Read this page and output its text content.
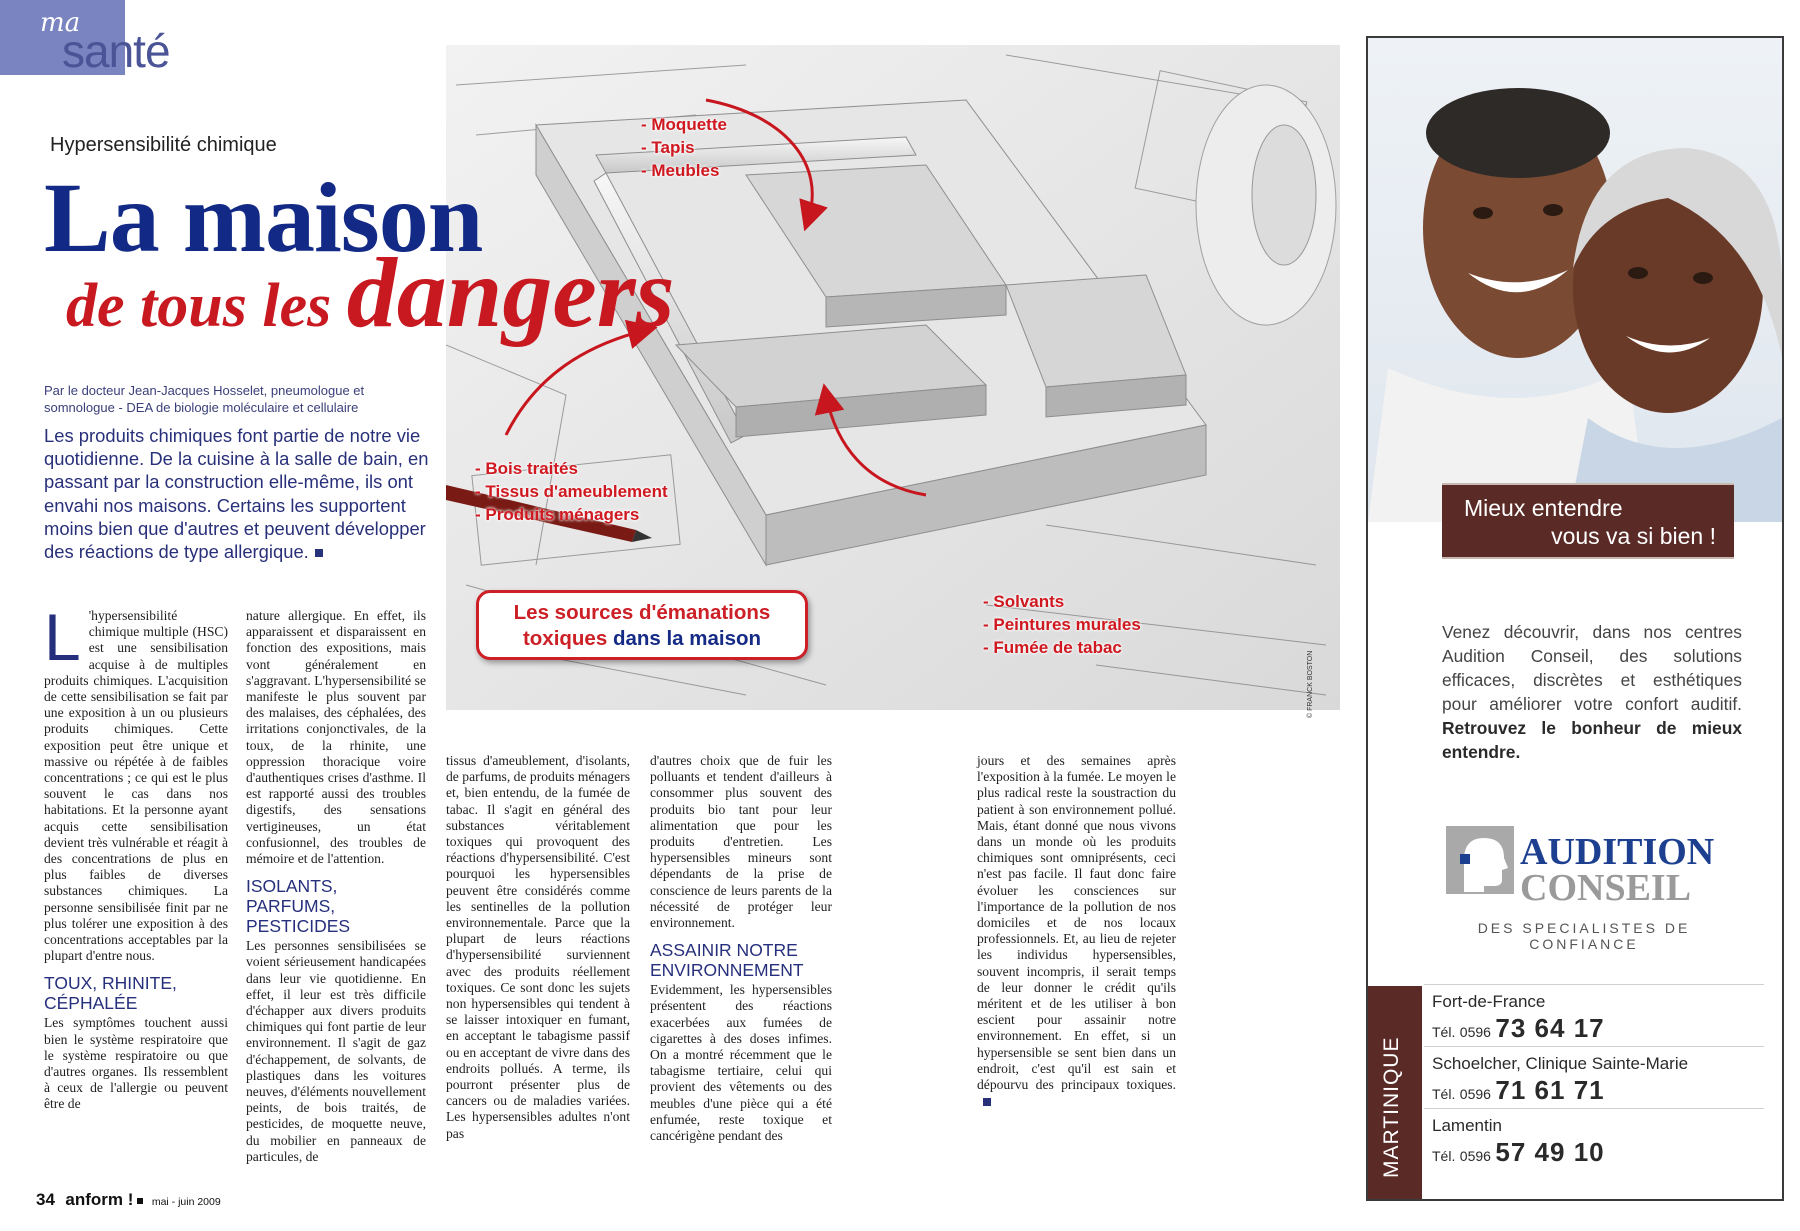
ma
santé
Hypersensibilité chimique
La maison
de tous les dangers
Par le docteur Jean-Jacques Hosselet, pneumologue et somnologue - DEA de biologie moléculaire et cellulaire
Les produits chimiques font partie de notre vie quotidienne. De la cuisine à la salle de bain, en passant par la construction elle-même, ils ont envahi nos maisons. Certains les supportent moins bien que d'autres et peuvent développer des réactions de type allergique.
- Moquette
- Tapis
- Meubles
- Bois traités
- Tissus d'ameublement
- Produits ménagers
- Solvants
- Peintures murales
- Fumée de tabac
Les sources d'émanations
toxiques dans la maison
© FRANCK BOSTON
L 'hypersensibilité chimique multiple (HSC) est une sensibilisation acquise à de multiples produits chimiques. L'acquisition de cette sensibilisation se fait par une exposition à un ou plusieurs produits chimiques. Cette exposition peut être unique et massive ou répétée à de faibles concentrations ; ce qui est le plus souvent le cas dans nos habitations. Et la personne ayant acquis cette sensibilisation devient très vulnérable et réagit à des concentrations de plus en plus faibles de diverses substances chimiques. La personne sensibilisée finit par ne plus tolérer une exposition à des concentrations acceptables par la plupart d'entre nous.

TOUX, RHINITE, CÉPHALÉE

Les symptômes touchent aussi bien le système respiratoire que le système respiratoire ou que d'autres organes. Ils ressemblent à ceux de l'allergie ou peuvent être de

nature allergique. En effet, ils apparaissent et disparaissent en fonction des expositions, mais vont généralement en s'aggravant. L'hypersensibilité se manifeste le plus souvent par des malaises, des céphalées, des irritations conjonctivales, de la toux, de la rhinite, une oppression thoracique voire d'authentiques crises d'asthme. Il est rapporté aussi des troubles digestifs, des sensations vertigineuses, un état confusionnel, des troubles de mémoire et de l'attention.

ISOLANTS, PARFUMS, PESTICIDES

Les personnes sensibilisées se voient sérieusement handicapées dans leur vie quotidienne. En effet, il leur est très difficile d'échapper aux divers produits chimiques qui font partie de leur environnement. Il s'agit de gaz d'échappement, de solvants, de plastiques dans les voitures neuves, d'éléments nouvellement peints, de bois traités, de pesticides, de moquette neuve, du mobilier en panneaux de particules, de

tissus d'ameublement, d'isolants, de parfums, de produits ménagers et, bien entendu, de la fumée de tabac. Il s'agit en général des substances véritablement toxiques qui provoquent des réactions d'hypersensibilité. C'est pourquoi les hypersensibles peuvent être considérés comme les sentinelles de la pollution environnementale. Parce que la plupart de leurs réactions d'hypersensibilité surviennent avec des produits réellement toxiques. Ce sont donc les sujets non hypersensibles qui tendent à se laisser intoxiquer en fumant, en acceptant le tabagisme passif ou en acceptant de vivre dans des endroits pollués. A terme, ils pourront présenter plus de cancers ou de maladies variées. Les hypersensibles adultes n'ont pas

d'autres choix que de fuir les polluants et tendent d'ailleurs à consommer plus souvent des produits bio tant pour leur alimentation que pour les produits d'entretien. Les hypersensibles mineurs sont dépendants de la prise de conscience de leurs parents de la nécessité de protéger leur environnement.

ASSAINIR NOTRE ENVIRONNEMENT

Evidemment, les hypersensibles présentent des réactions exacerbées aux fumées de cigarettes à des doses infimes. On a montré récemment que le tabagisme tertiaire, celui qui provient des vêtements ou des meubles d'une pièce qui a été enfumée, reste toxique et cancérigène pendant des

jours et des semaines après l'exposition à la fumée. Le moyen le plus radical reste la soustraction du patient à son environnement pollué. Mais, étant donné que nous vivons dans un monde où les produits chimiques sont omniprésents, ceci n'est pas facile. Il faut donc faire évoluer les consciences sur l'importance de la pollution de nos domiciles et de nos locaux professionnels. Et, au lieu de rejeter les individus hypersensibles, souvent incompris, il serait temps de leur donner le crédit qu'ils méritent et de les utiliser à bon escient pour assainir notre environnement. En effet, si un hypersensible se sent bien dans un endroit, c'est qu'il est sain et dépourvu des principaux toxiques.

34 anform ! mai - juin 2009
Mieux entendre
vous va si bien !
Venez découvrir, dans nos centres Audition Conseil, des solutions efficaces, discrètes et esthétiques pour améliorer votre confort auditif. Retrouvez le bonheur de mieux entendre.
AUDITION
CONSEIL
DES SPECIALISTES DE CONFIANCE
MARTINIQUE
Fort-de-France
Tél. 0596 73 64 17
Schoelcher, Clinique Sainte-Marie
Tél. 0596 71 61 71
Lamentin
Tél. 0596 57 49 10
